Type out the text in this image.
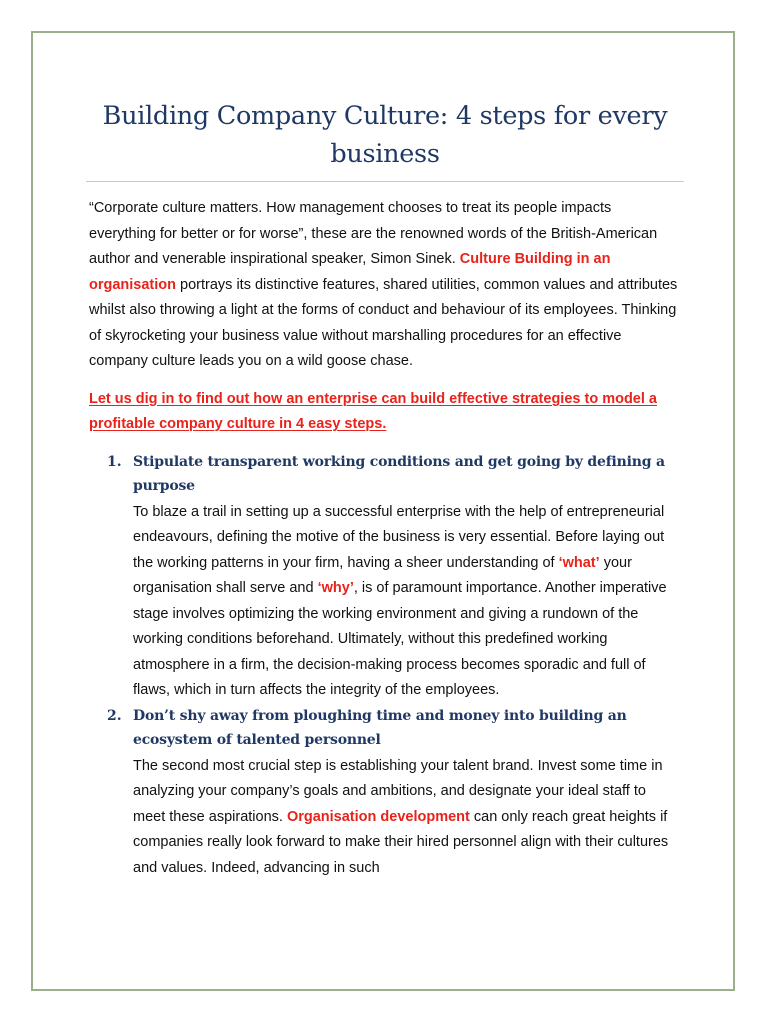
Building Company Culture: 4 steps for every business

“Corporate culture matters. How management chooses to treat its people impacts everything for better or for worse”, these are the renowned words of the British-American author and venerable inspirational speaker, Simon Sinek. Culture Building in an organisation portrays its distinctive features, shared utilities, common values and attributes whilst also throwing a light at the forms of conduct and behaviour of its employees. Thinking of skyrocketing your business value without marshalling procedures for an effective company culture leads you on a wild goose chase.

Let us dig in to find out how an enterprise can build effective strategies to model a profitable company culture in 4 easy steps.

1. Stipulate transparent working conditions and get going by defining a purpose

To blaze a trail in setting up a successful enterprise with the help of entrepreneurial endeavours, defining the motive of the business is very essential. Before laying out the working patterns in your firm, having a sheer understanding of ‘what’ your organisation shall serve and ‘why’, is of paramount importance. Another imperative stage involves optimizing the working environment and giving a rundown of the working conditions beforehand. Ultimately, without this predefined working atmosphere in a firm, the decision-making process becomes sporadic and full of flaws, which in turn affects the integrity of the employees.

2. Don’t shy away from ploughing time and money into building an ecosystem of talented personnel

The second most crucial step is establishing your talent brand. Invest some time in analyzing your company’s goals and ambitions, and designate your ideal staff to meet these aspirations. Organisation development can only reach great heights if companies really look forward to make their hired personnel align with their cultures and values. Indeed, advancing in such
